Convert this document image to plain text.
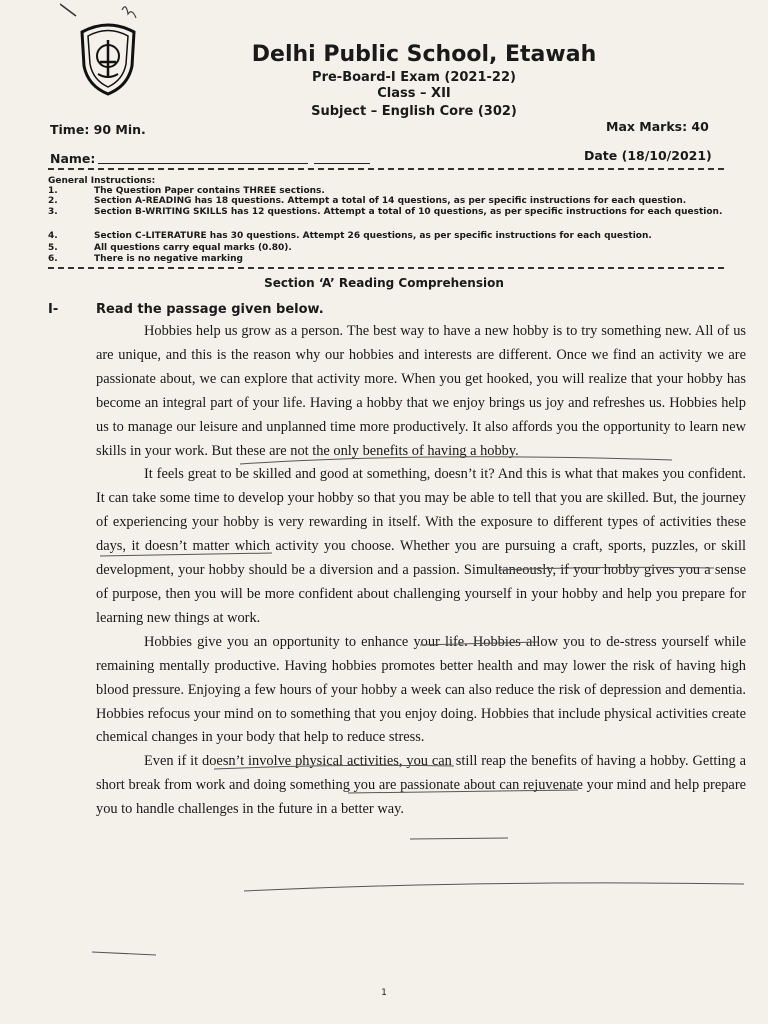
Delhi Public School, Etawah
Pre-Board-I Exam (2021-22)
Class – XII
Subject – English Core (302)
Time: 90 Min.	Max Marks: 40
Name:	Date (18/10/2021)
General Instructions:
1.	The Question Paper contains THREE sections.
2.	Section A-READING has 18 questions. Attempt a total of 14 questions, as per specific instructions for each question.
3.	Section B-WRITING SKILLS has 12 questions. Attempt a total of 10 questions, as per specific instructions for each question.
4.	Section C-LITERATURE has 30 questions. Attempt 26 questions, as per specific instructions for each question.
5.	All questions carry equal marks (0.80).
6.	There is no negative marking
Section ‘A’ Reading Comprehension
I-	Read the passage given below.

Hobbies help us grow as a person. The best way to have a new hobby is to try something new. All of us are unique, and this is the reason why our hobbies and interests are different. Once we find an activity we are passionate about, we can explore that activity more. When you get hooked, you will realize that your hobby has become an integral part of your life. Having a hobby that we enjoy brings us joy and refreshes us. Hobbies help us to manage our leisure and unplanned time more productively. It also affords you the opportunity to learn new skills in your work. But these are not the only benefits of having a hobby.

It feels great to be skilled and good at something, doesn’t it? And this is what that makes you confident. It can take some time to develop your hobby so that you may be able to tell that you are skilled. But, the journey of experiencing your hobby is very rewarding in itself. With the exposure to different types of activities these days, it doesn’t matter which activity you choose. Whether you are pursuing a craft, sports, puzzles, or skill development, your hobby should be a diversion and a passion. Simultaneously, if your hobby gives you a sense of purpose, then you will be more confident about challenging yourself in your hobby and help you prepare for learning new things at work.

Hobbies give you an opportunity to enhance your life. Hobbies allow you to de-stress yourself while remaining mentally productive. Having hobbies promotes better health and may lower the risk of having high blood pressure. Enjoying a few hours of your hobby a week can also reduce the risk of depression and dementia. Hobbies refocus your mind on to something that you enjoy doing. Hobbies that include physical activities create chemical changes in your body that help to reduce stress.

Even if it doesn’t involve physical activities, you can still reap the benefits of having a hobby. Getting a short break from work and doing something you are passionate about can rejuvenate your mind and help prepare you to handle challenges in the future in a better way.

1
